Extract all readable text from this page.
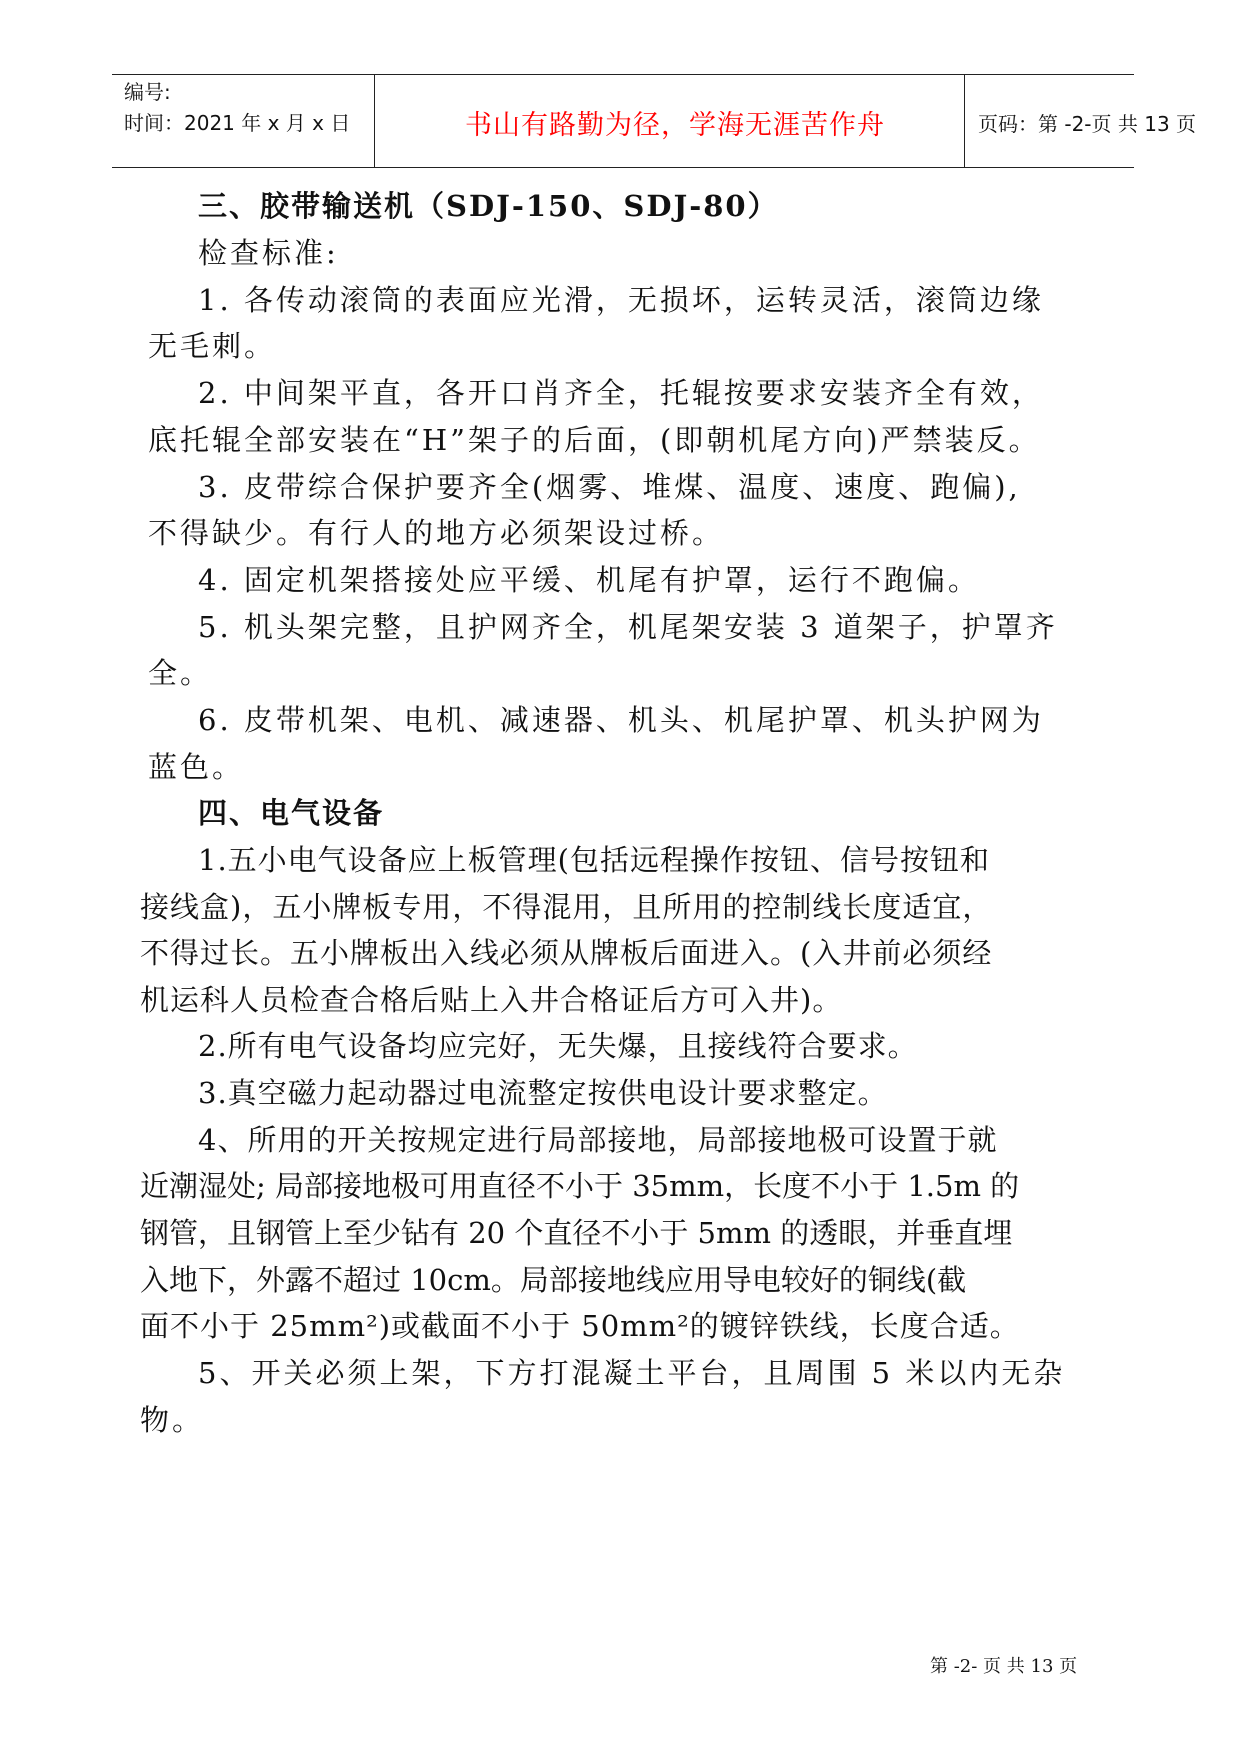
编号:
时间：2021 年 x 月 x 日	书山有路勤为径，学海无涯苦作舟	页码：第 -2-页 共 13 页
三、胶带输送机（SDJ-150、SDJ-80）
检查标准:
1. 各传动滚筒的表面应光滑，无损坏，运转灵活，滚筒边缘
无毛刺。
2. 中间架平直，各开口肖齐全，托辊按要求安装齐全有效，
底托辊全部安装在“H”架子的后面，(即朝机尾方向)严禁装反。
3. 皮带综合保护要齐全(烟雾、堆煤、温度、速度、跑偏),
不得缺少。有行人的地方必须架设过桥。
4. 固定机架搭接处应平缓、机尾有护罩，运行不跑偏。
5. 机头架完整，且护网齐全，机尾架安装 3 道架子，护罩齐
全。
6. 皮带机架、电机、减速器、机头、机尾护罩、机头护网为
蓝色。
四、电气设备
1.五小电气设备应上板管理(包括远程操作按钮、信号按钮和
接线盒)，五小牌板专用，不得混用，且所用的控制线长度适宜，
不得过长。五小牌板出入线必须从牌板后面进入。(入井前必须经
机运科人员检查合格后贴上入井合格证后方可入井)。
2.所有电气设备均应完好，无失爆，且接线符合要求。
3.真空磁力起动器过电流整定按供电设计要求整定。
4、所用的开关按规定进行局部接地，局部接地极可设置于就
近潮湿处; 局部接地极可用直径不小于 35mm，长度不小于 1.5m 的
钢管，且钢管上至少钻有 20 个直径不小于 5mm 的透眼，并垂直埋
入地下，外露不超过 10cm。局部接地线应用导电较好的铜线(截
面不小于 25mm²)或截面不小于 50mm²的镀锌铁线，长度合适。
5、开关必须上架，下方打混凝土平台，且周围 5 米以内无杂
物。
第 -2- 页 共 13 页
